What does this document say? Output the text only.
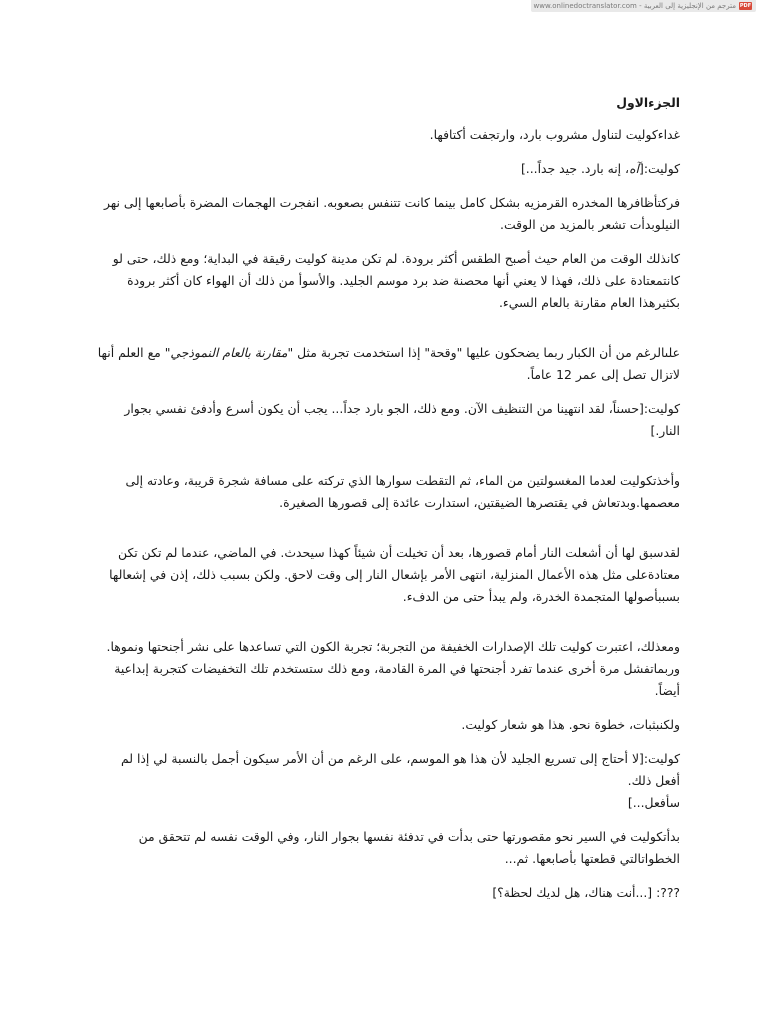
www.onlinedoctranslator.com - مترجم من الإنجليزية إلى العربية PDF
الجزءالاول

غداءكوليت لتناول مشروب بارد، وارتجفت أكتافها.

كوليت:[آه، إنه بارد. جيد جداً...]

فركتأظافرها المخدره القرمزيه بشكل كامل بينما كانت تتنفس بصعوبه. انفجرت الهجمات المضرة بأصابعها إلى نهر
النيلوبدأت تشعر بالمزيد من الوقت.

كانذلك الوقت من العام حيث أصبح الطقس أكثر برودة. لم تكن مدينة كوليت رقيقة في البداية؛ ومع ذلك، حتى لو
كانتمعتادة على ذلك، فهذا لا يعني أنها محصنة ضد برد موسم الجليد. والأسوأ من ذلك أن الهواء كان أكثر برودة
بكثيرهذا العام مقارنة بالعام السيء.

علىالرغم من أن الكبار ربما يضحكون عليها "وقحة" إذا استخدمت تجربة مثل "مقارنة بالعام النموذجي" مع العلم أنها
لاتزال تصل إلى عمر 12 عاماً.

كوليت:[حسناً، لقد انتهينا من التنظيف الآن. ومع ذلك، الجو بارد جداً... يجب أن يكون أسرع وأدفئ نفسي بجوار النار.]

وأخذتكوليت لعدما المغسولتين من الماء، ثم التقطت سوارها الذي تركته على مسافة شجرة قريبة، وعادته إلى
معصمها.وبدتعاش في يقتصرها الضيقتين، استدارت عائدة إلى قصورها الصغيرة.

لقدسبق لها أن أشعلت النار أمام قصورها، بعد أن تخيلت أن شيئاً كهذا سيحدث. في الماضي، عندما لم تكن تكن
معتادةعلى مثل هذه الأعمال المنزلية، انتهى الأمر بإشعال النار إلى وقت لاحق. ولكن بسبب ذلك، إذن في إشعالها
بسببأصولها المتجمدة الخدرة، ولم يبدأ حتى من الدفء.

ومعذلك، اعتبرت كوليت تلك الإصدارات الخفيفة من التجربة؛ تجربة الكون التي تساعدها على نشر أجنحتها ونموها.
وربماتفشل مرة أخرى عندما تفرد أجنحتها في المرة القادمة، ومع ذلك ستستخدم تلك التخفيضات كتجربة إبداعية
أيضاً.

ولكنبثبات، خطوة نحو. هذا هو شعار كوليت.

كوليت:[لا أحتاج إلى تسريع الجليد لأن هذا هو الموسم، على الرغم من أن الأمر سيكون أجمل بالنسبة لي إذا لم أفعل ذلك.
سأفعل...]

بدأتكوليت في السير نحو مقصورتها حتى بدأت في تدفئة نفسها بجوار النار، وفي الوقت نفسه لم تتحقق من
الخطواتالتي قطعتها بأصابعها. ثم...

???: [...أنت هناك، هل لديك لحظة؟]
